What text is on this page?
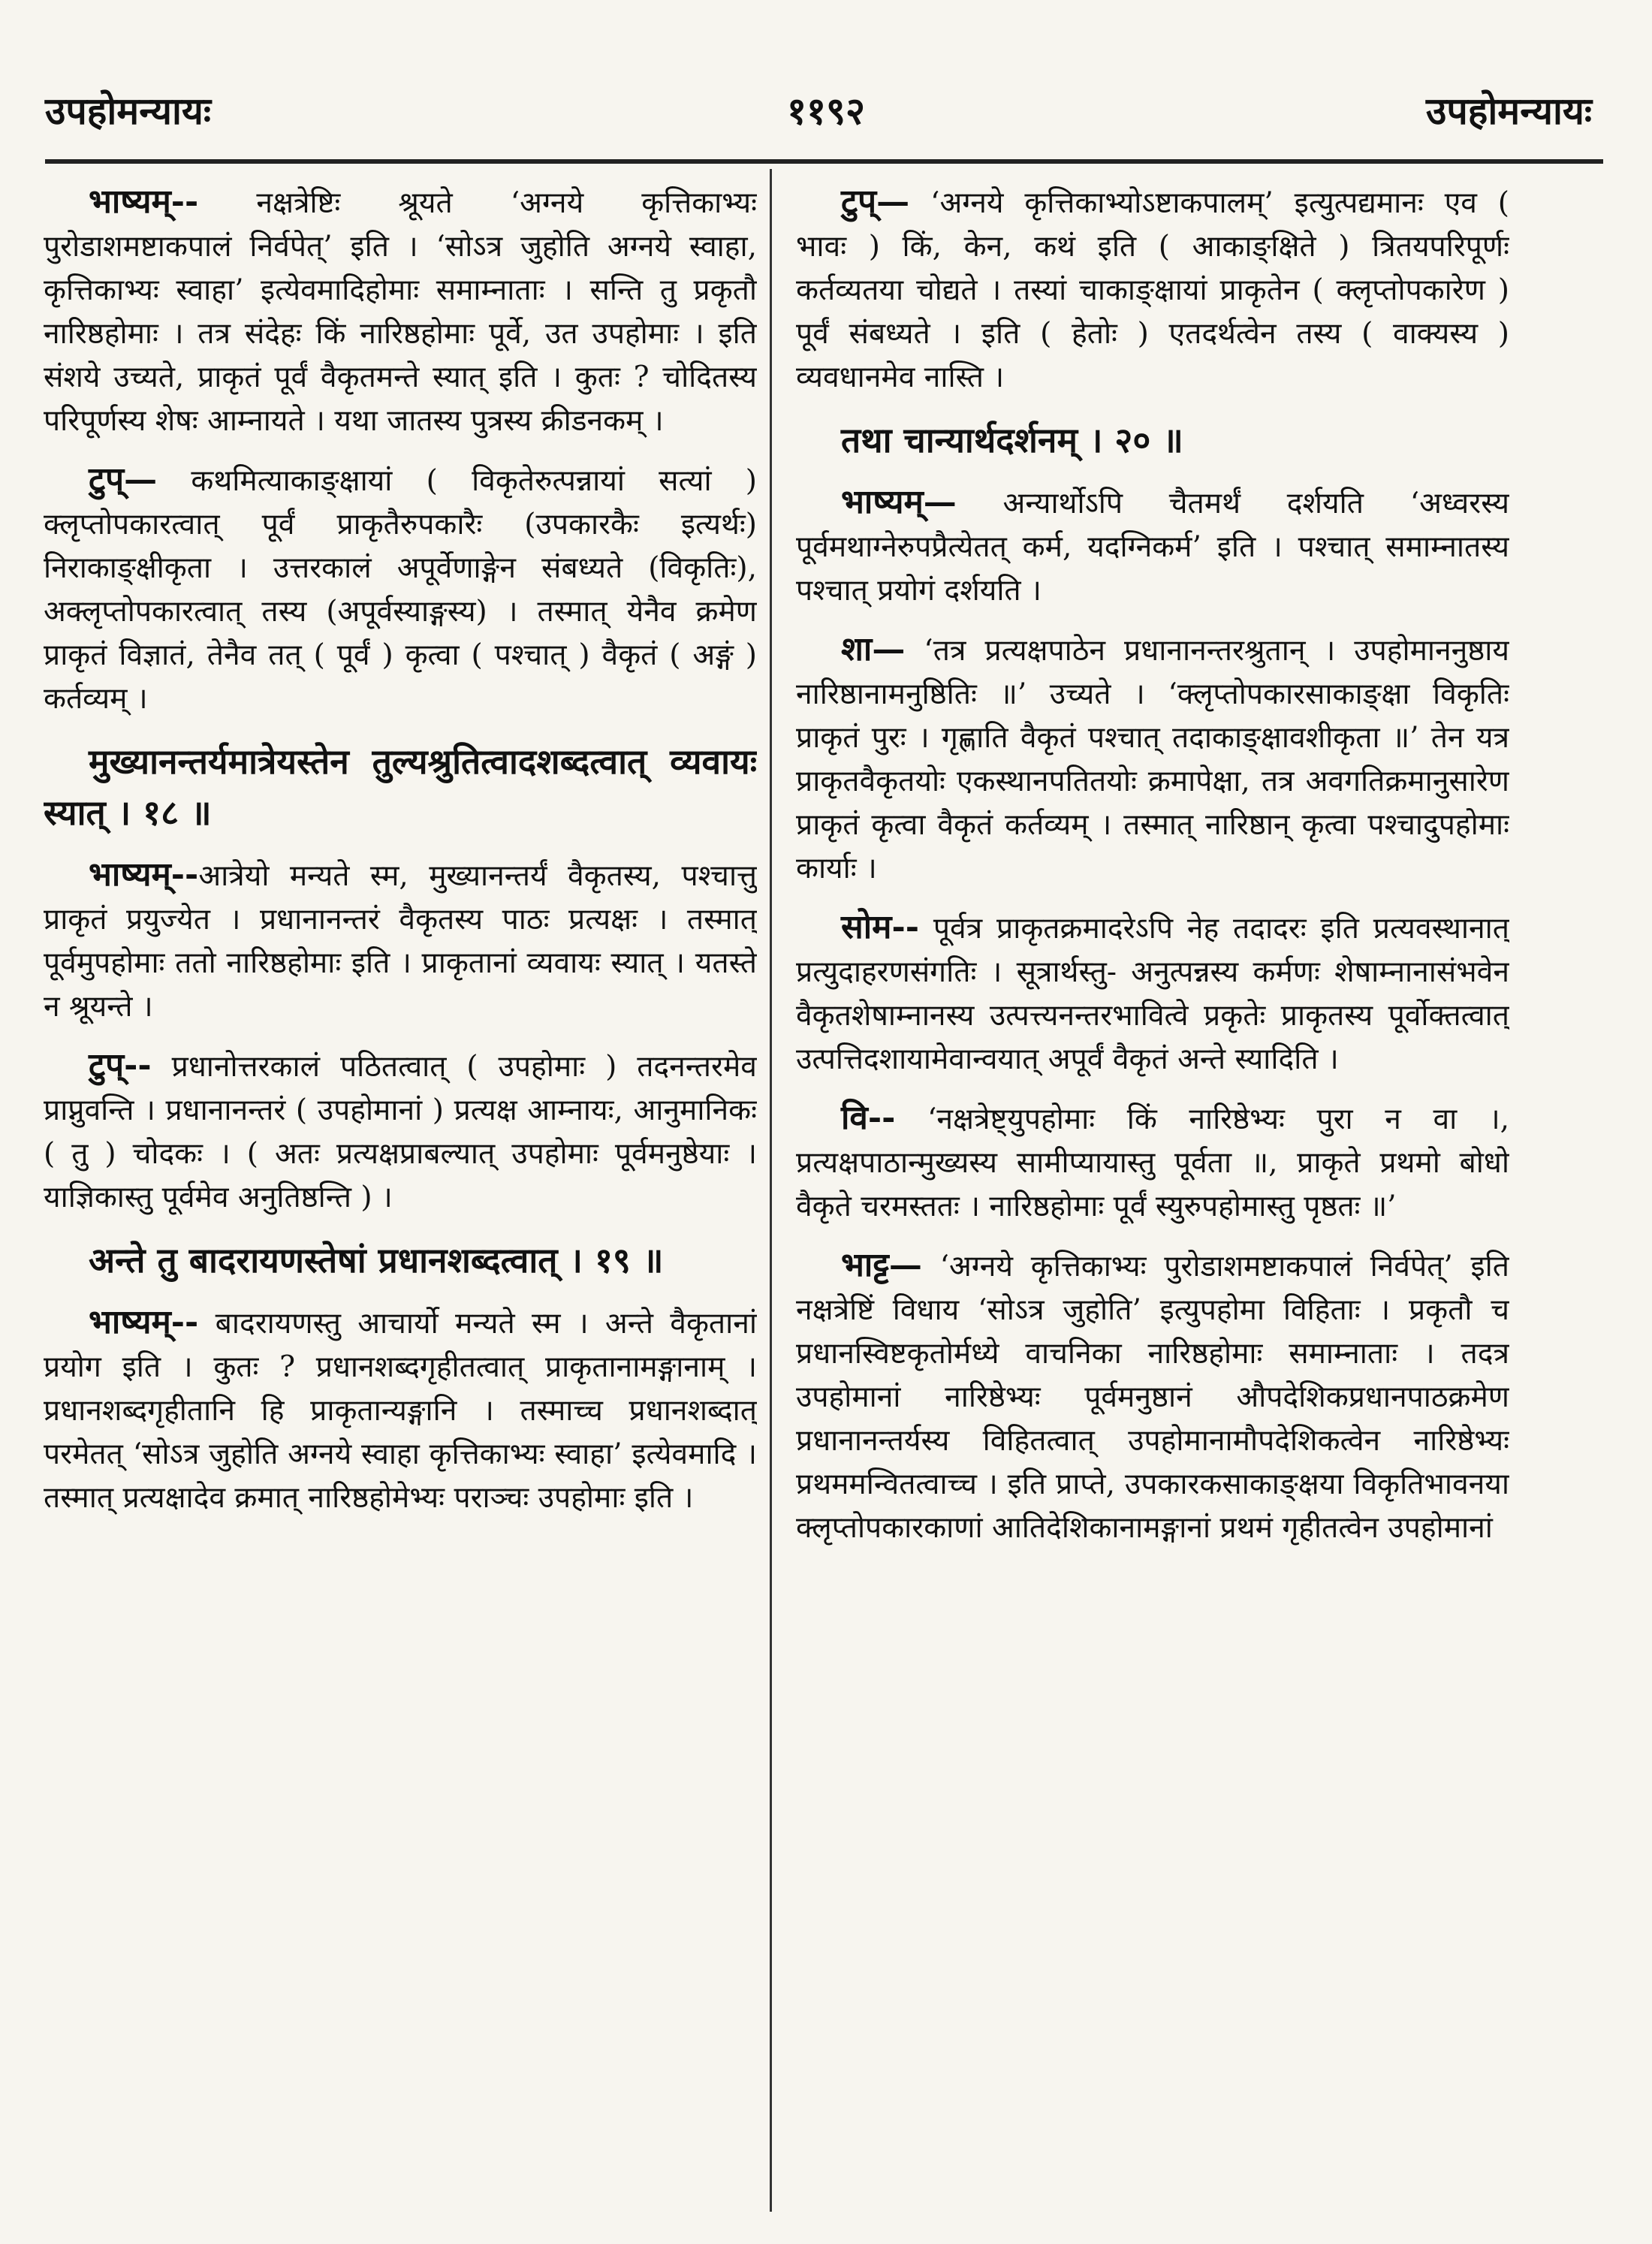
११९२
उपहोमन्यायः	उपहोमन्यायः

भाष्यम्-- नक्षत्रेष्टिः श्रूयते ‘अग्नये कृत्तिकाभ्यः पुरोडाशमष्टाकपालं निर्वपेत्’ इति । ‘सोऽत्र जुहोति अग्नये स्वाहा, कृत्तिकाभ्यः स्वाहा’ इत्येवमादिहोमाः समाम्नाताः । सन्ति तु प्रकृतौ नारिष्ठहोमाः । तत्र संदेहः किं नारिष्ठहोमाः पूर्वे, उत उपहोमाः । इति संशये उच्यते, प्राकृतं पूर्वं वैकृतमन्ते स्यात् इति । कुतः ? चोदितस्य परिपूर्णस्य शेषः आम्नायते । यथा जातस्य पुत्रस्य क्रीडनकम् ।

टुप्— कथमित्याकाङ्क्षायां ( विकृतेरुत्पन्नायां सत्यां ) क्लृप्तोपकारत्वात् पूर्वं प्राकृतैरुपकारैः (उपकारकैः इत्यर्थः) निराकाङ्क्षीकृता । उत्तरकालं अपूर्वेणाङ्गेन संबध्यते (विकृतिः), अक्लृप्तोपकारत्वात् तस्य (अपूर्वस्याङ्गस्य) । तस्मात् येनैव क्रमेण प्राकृतं विज्ञातं, तेनैव तत् ( पूर्वं ) कृत्वा ( पश्चात् ) वैकृतं ( अङ्गं ) कर्तव्यम् ।

मुख्यानन्तर्यमात्रेयस्तेन तुल्यश्रुतित्वादशब्दत्वात् व्यवायः स्यात् । १८ ॥

भाष्यम्--आत्रेयो मन्यते स्म, मुख्यानन्तर्यं वैकृतस्य, पश्चात्तु प्राकृतं प्रयुज्येत । प्रधानानन्तरं वैकृतस्य पाठः प्रत्यक्षः । तस्मात् पूर्वमुपहोमाः ततो नारिष्ठहोमाः इति । प्राकृतानां व्यवायः स्यात् । यतस्ते न श्रूयन्ते ।

टुप्-- प्रधानोत्तरकालं पठितत्वात् ( उपहोमाः ) तदनन्तरमेव प्राप्नुवन्ति । प्रधानानन्तरं ( उपहोमानां ) प्रत्यक्ष आम्नायः, आनुमानिकः ( तु ) चोदकः । ( अतः प्रत्यक्षप्राबल्यात् उपहोमाः पूर्वमनुष्ठेयाः । याज्ञिकास्तु पूर्वमेव अनुतिष्ठन्ति ) ।

अन्ते तु बादरायणस्तेषां प्रधानशब्दत्वात् । १९ ॥

भाष्यम्-- बादरायणस्तु आचार्यो मन्यते स्म । अन्ते वैकृतानां प्रयोग इति । कुतः ? प्रधानशब्दगृहीतत्वात् प्राकृतानामङ्गानाम् । प्रधानशब्दगृहीतानि हि प्राकृतान्यङ्गानि । तस्माच्च प्रधानशब्दात् परमेतत् ‘सोऽत्र जुहोति अग्नये स्वाहा कृत्तिकाभ्यः स्वाहा’ इत्येवमादि । तस्मात् प्रत्यक्षादेव क्रमात् नारिष्ठहोमेभ्यः पराञ्चः उपहोमाः इति ।

टुप्— ‘अग्नये कृत्तिकाभ्योऽष्टाकपालम्’ इत्युत्पद्यमानः एव ( भावः ) किं, केन, कथं इति ( आकाङ्क्षिते ) त्रितयपरिपूर्णः कर्तव्यतया चोद्यते । तस्यां चाकाङ्क्षायां प्राकृतेन ( क्लृप्तोपकारेण ) पूर्वं संबध्यते । इति ( हेतोः ) एतदर्थत्वेन तस्य ( वाक्यस्य ) व्यवधानमेव नास्ति ।

तथा चान्यार्थदर्शनम् । २० ॥

भाष्यम्— अन्यार्थोऽपि चैतमर्थं दर्शयति ‘अध्वरस्य पूर्वमथाग्नेरुपप्रैत्येतत् कर्म, यदग्निकर्म’ इति । पश्चात् समाम्नातस्य पश्चात् प्रयोगं दर्शयति ।

शा— ‘तत्र प्रत्यक्षपाठेन प्रधानानन्तरश्रुतान् । उपहोमाननुष्ठाय नारिष्ठानामनुष्ठितिः ॥’ उच्यते । ‘क्लृप्तोपकारसाकाङ्क्षा विकृतिः प्राकृतं पुरः । गृह्णाति वैकृतं पश्चात् तदाकाङ्क्षावशीकृता ॥’ तेन यत्र प्राकृतवैकृतयोः एकस्थानपतितयोः क्रमापेक्षा, तत्र अवगतिक्रमानुसारेण प्राकृतं कृत्वा वैकृतं कर्तव्यम् । तस्मात् नारिष्ठान् कृत्वा पश्चादुपहोमाः कार्याः ।

सोम-- पूर्वत्र प्राकृतक्रमादरेऽपि नेह तदादरः इति प्रत्यवस्थानात् प्रत्युदाहरणसंगतिः । सूत्रार्थस्तु- अनुत्पन्नस्य कर्मणः शेषाम्नानासंभवेन वैकृतशेषाम्नानस्य उत्पत्त्यनन्तरभावित्वे प्रकृतेः प्राकृतस्य पूर्वोक्तत्वात् उत्पत्तिदशायामेवान्वयात् अपूर्वं वैकृतं अन्ते स्यादिति ।

वि-- ‘नक्षत्रेष्ट्युपहोमाः किं नारिष्ठेभ्यः पुरा न वा ।, प्रत्यक्षपाठान्मुख्यस्य सामीप्यायास्तु पूर्वता ॥, प्राकृते प्रथमो बोधो वैकृते चरमस्ततः । नारिष्ठहोमाः पूर्वं स्युरुपहोमास्तु पृष्ठतः ॥’

भाट्ट— ‘अग्नये कृत्तिकाभ्यः पुरोडाशमष्टाकपालं निर्वपेत्’ इति नक्षत्रेष्टिं विधाय ‘सोऽत्र जुहोति’ इत्युपहोमा विहिताः । प्रकृतौ च प्रधानस्विष्टकृतोर्मध्ये वाचनिका नारिष्ठहोमाः समाम्नाताः । तदत्र उपहोमानां नारिष्ठेभ्यः पूर्वमनुष्ठानं औपदेशिकप्रधानपाठक्रमेण प्रधानानन्तर्यस्य विहितत्वात् उपहोमानामौपदेशिकत्वेन नारिष्ठेभ्यः प्रथममन्वितत्वाच्च । इति प्राप्ते, उपकारकसाकाङ्क्षया विकृतिभावनया क्लृप्तोपकारकाणां आतिदेशिकानामङ्गानां प्रथमं गृहीतत्वेन उपहोमानां
